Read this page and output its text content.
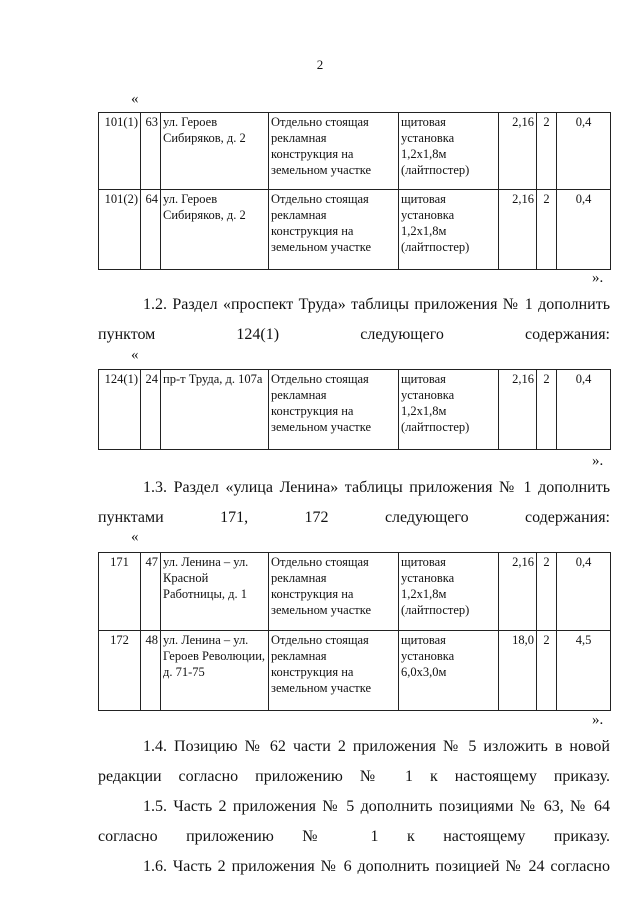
2
«
101(1)	63	ул. Героев Сибиряков, д. 2	Отдельно стоящая рекламная конструкция на земельном участке	щитовая установка 1,2х1,8м (лайтпостер)	2,16	2	0,4
101(2)	64	ул. Героев Сибиряков, д. 2	Отдельно стоящая рекламная конструкция на земельном участке	щитовая установка 1,2х1,8м (лайтпостер)	2,16	2	0,4
».
1.2. Раздел «проспект Труда» таблицы приложения № 1 дополнить пунктом 124(1) следующего содержания:
«
124(1)	24	пр-т Труда, д. 107а	Отдельно стоящая рекламная конструкция на земельном участке	щитовая установка 1,2х1,8м (лайтпостер)	2,16	2	0,4
».
1.3. Раздел «улица Ленина» таблицы приложения № 1 дополнить пунктами 171, 172 следующего содержания:
«
171	47	ул. Ленина – ул. Красной Работницы, д. 1	Отдельно стоящая рекламная конструкция на земельном участке	щитовая установка 1,2х1,8м (лайтпостер)	2,16	2	0,4
172	48	ул. Ленина – ул. Героев Революции, д. 71-75	Отдельно стоящая рекламная конструкция на земельном участке	щитовая установка 6,0х3,0м	18,0	2	4,5
».
1.4. Позицию № 62 части 2 приложения № 5 изложить в новой редакции согласно приложению № 1 к настоящему приказу.
1.5. Часть 2 приложения № 5 дополнить позициями № 63, № 64 согласно приложению № 1 к настоящему приказу.
1.6. Часть 2 приложения № 6 дополнить позицией № 24 согласно
